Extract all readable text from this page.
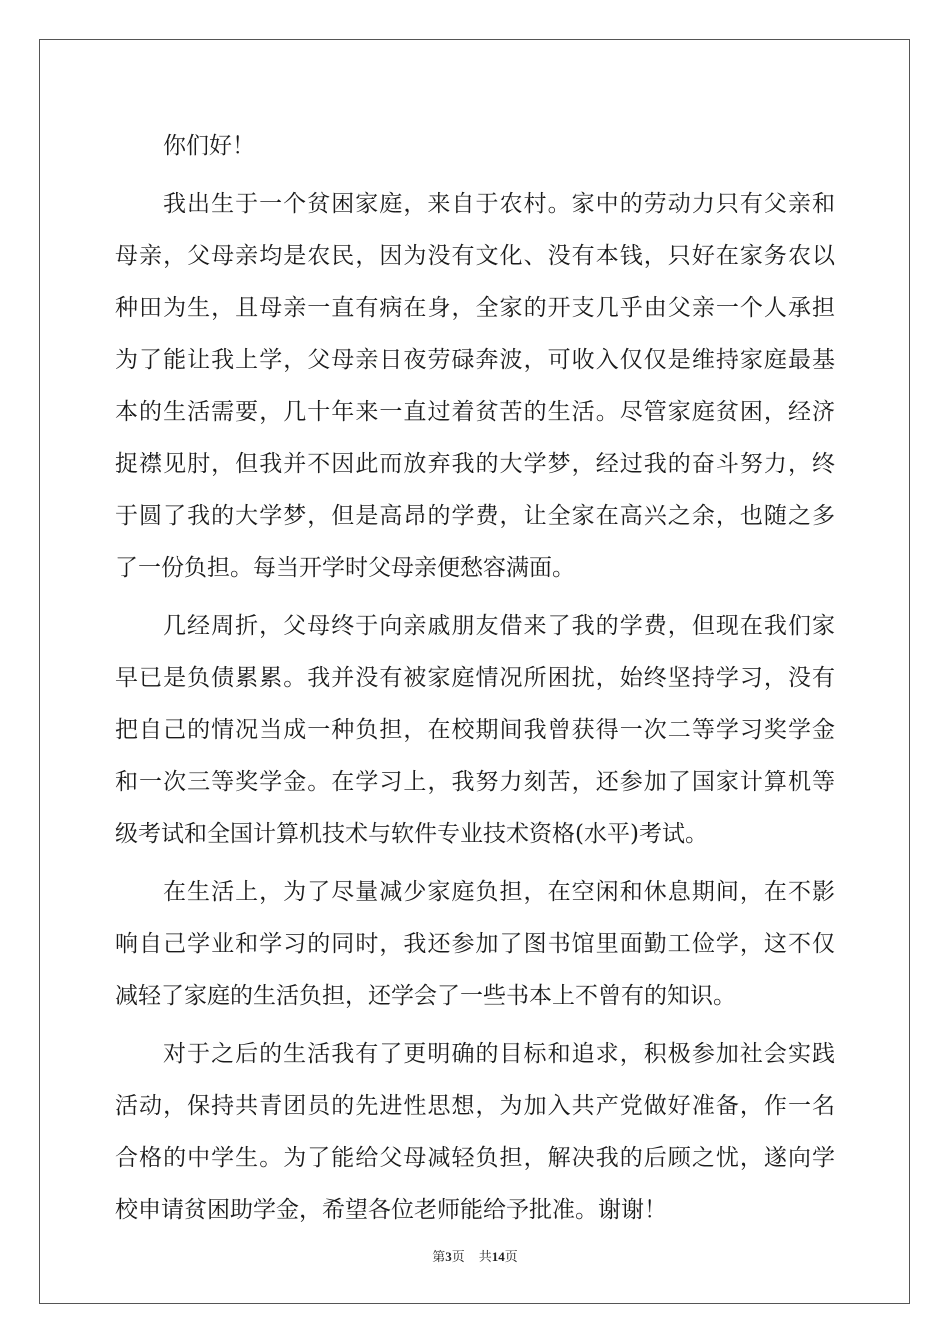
你们好！
我出生于一个贫困家庭，来自于农村。家中的劳动力只有父亲和
母亲，父母亲均是农民，因为没有文化、没有本钱，只好在家务农以
种田为生，且母亲一直有病在身，全家的开支几乎由父亲一个人承担
为了能让我上学，父母亲日夜劳碌奔波，可收入仅仅是维持家庭最基
本的生活需要，几十年来一直过着贫苦的生活。尽管家庭贫困，经济
捉襟见肘，但我并不因此而放弃我的大学梦，经过我的奋斗努力，终
于圆了我的大学梦，但是高昂的学费，让全家在高兴之余，也随之多
了一份负担。每当开学时父母亲便愁容满面。
几经周折，父母终于向亲戚朋友借来了我的学费，但现在我们家
早已是负债累累。我并没有被家庭情况所困扰，始终坚持学习，没有
把自己的情况当成一种负担，在校期间我曾获得一次二等学习奖学金
和一次三等奖学金。在学习上，我努力刻苦，还参加了国家计算机等
级考试和全国计算机技术与软件专业技术资格(水平)考试。
在生活上，为了尽量减少家庭负担，在空闲和休息期间，在不影
响自己学业和学习的同时，我还参加了图书馆里面勤工俭学，这不仅
减轻了家庭的生活负担，还学会了一些书本上不曾有的知识。
对于之后的生活我有了更明确的目标和追求，积极参加社会实践
活动，保持共青团员的先进性思想，为加入共产党做好准备，作一名
合格的中学生。为了能给父母减轻负担，解决我的后顾之忧，遂向学
校申请贫困助学金，希望各位老师能给予批准。谢谢！
第3页 共14页
